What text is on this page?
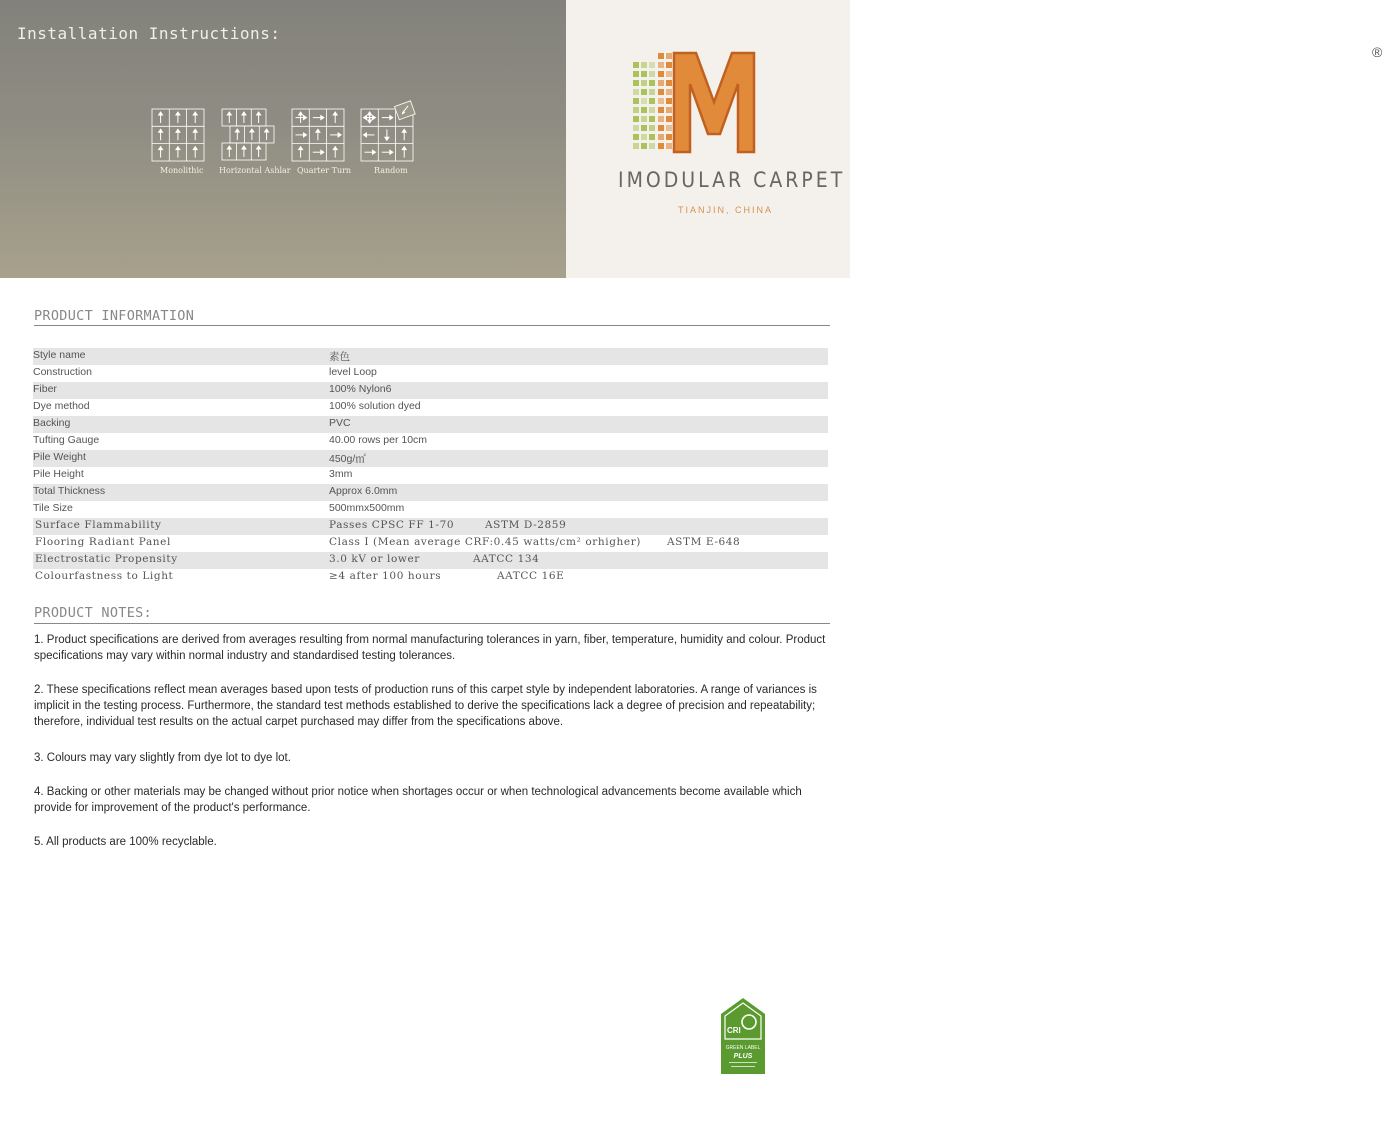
Installation Instructions:
Monolithic Horizontal Ashlar Quarter Turn	Random
®
IMODULAR CARPET
TIANJIN, CHINA
PRODUCT INFORMATION
Style name	素色
Construction	level Loop
Fiber	100% Nylon6
Dye method	100% solution dyed
Backing	PVC
Tufting Gauge	40.00 rows per 10cm
Pile Weight	450g/㎡
Pile Height	3mm
Total Thickness	Approx 6.0mm
Tile Size	500mmx500mm
Surface Flammability	Passes CPSC FF 1-70	ASTM D-2859
Flooring Radiant Panel	Class I (Mean average CRF:0.45 watts/cm² orhigher) ASTM E-648
Electrostatic Propensity	3.0 kV or lower	AATCC 134
Colourfastness to Light	≥4 after 100 hours	AATCC 16E
PRODUCT NOTES:

1. Product specifications are derived from averages resulting from normal manufacturing tolerances in yarn, fiber, temperature, humidity and colour. Product specifications may vary within normal industry and standardised testing tolerances.

2. These specifications reflect mean averages based upon tests of production runs of this carpet style by independent laboratories. A range of variances is implicit in the testing process. Furthermore, the standard test methods established to derive the specifications lack a degree of precision and repeatability; therefore, individual test results on the actual carpet purchased may differ from the specifications above.

3. Colours may vary slightly from dye lot to dye lot.

4. Backing or other materials may be changed without prior notice when shortages occur or when technological advancements become available which provide for improvement of the product's performance.

5. All products are 100% recyclable.

CRI
GREEN LABEL
PLUS
